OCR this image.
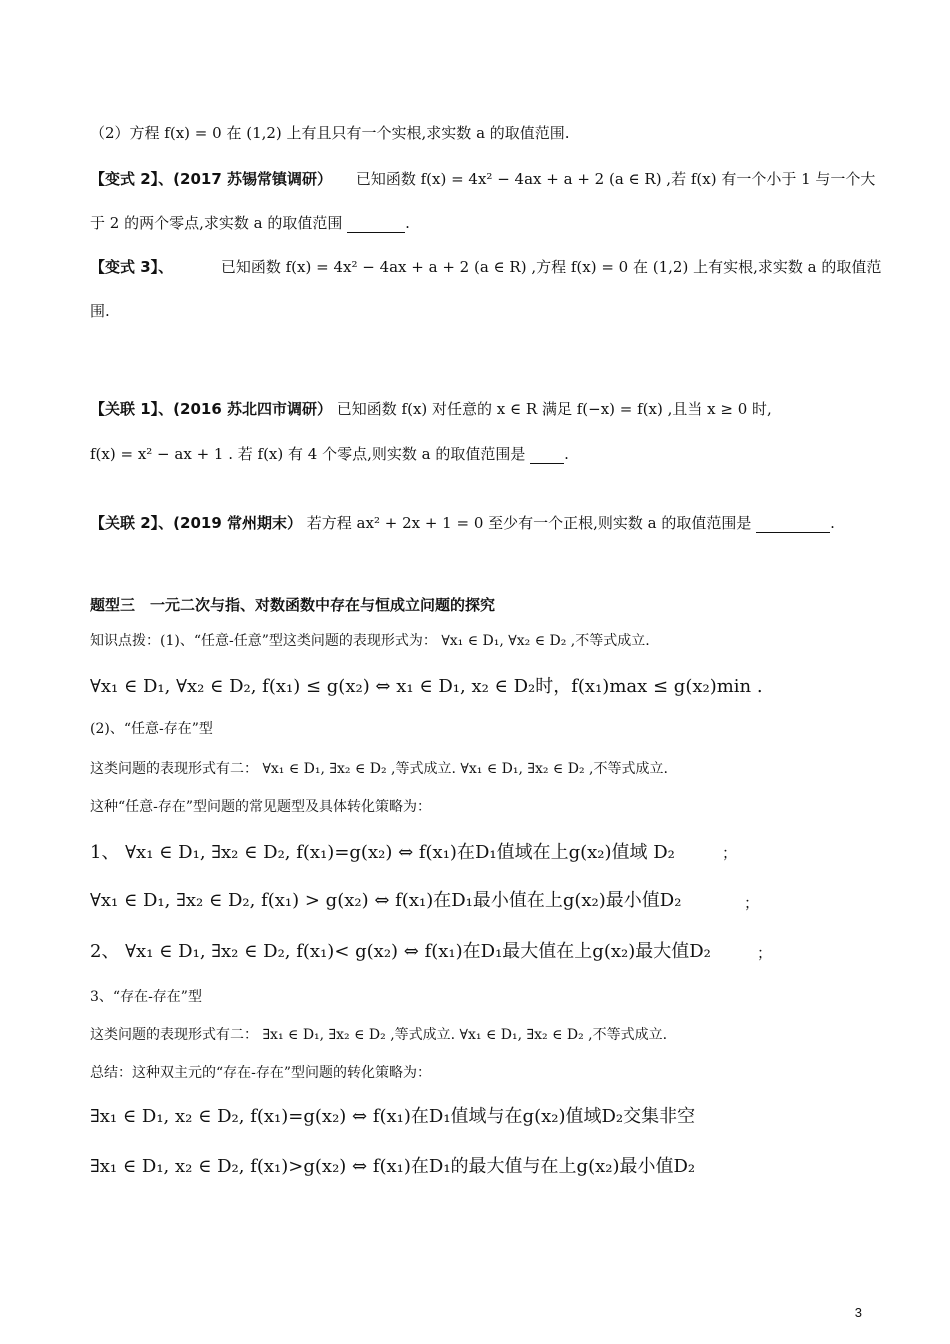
（2）方程 f(x) = 0 在 (1,2) 上有且只有一个实根,求实数 a 的取值范围.
【变式 2】、(2017 苏锡常镇调研） 已知函数 f(x) = 4x² − 4ax + a + 2 (a ∈ R) ,若 f(x) 有一个小于 1 与一个大
于 2 的两个零点,求实数 a 的取值范围	.
【变式 3】、	已知函数 f(x) = 4x² − 4ax + a + 2 (a ∈ R) ,方程 f(x) = 0 在 (1,2) 上有实根,求实数 a 的取值范
围.
【关联 1】、(2016 苏北四市调研） 已知函数 f(x) 对任意的 x ∈ R 满足 f(−x) = f(x) ,且当 x ≥ 0 时,
f(x) = x² − ax + 1 . 若 f(x) 有 4 个零点,则实数 a 的取值范围是	.
【关联 2】、(2019 常州期末） 若方程 ax² + 2x + 1 = 0 至少有一个正根,则实数 a 的取值范围是	.
题型三　一元二次与指、对数函数中存在与恒成立问题的探究
知识点拨：(1)、“任意-任意”型这类问题的表现形式为： ∀x₁ ∈ D₁, ∀x₂ ∈ D₂ ,不等式成立.
∀x₁ ∈ D₁, ∀x₂ ∈ D₂, f(x₁) ≤ g(x₂) ⇔ x₁ ∈ D₁, x₂ ∈ D₂时，f(x₁)max ≤ g(x₂)min .
(2)、“任意-存在”型
这类问题的表现形式有二： ∀x₁ ∈ D₁, ∃x₂ ∈ D₂ ,等式成立. ∀x₁ ∈ D₁, ∃x₂ ∈ D₂ ,不等式成立.
这种“任意-存在”型问题的常见题型及具体转化策略为：
1、 ∀x₁ ∈ D₁, ∃x₂ ∈ D₂, f(x₁)=g(x₂) ⇔ f(x₁)在D₁值域在上g(x₂)值域 D₂	；
∀x₁ ∈ D₁, ∃x₂ ∈ D₂, f(x₁) > g(x₂) ⇔ f(x₁)在D₁最小值在上g(x₂)最小值D₂	；
2、 ∀x₁ ∈ D₁, ∃x₂ ∈ D₂, f(x₁)< g(x₂) ⇔ f(x₁)在D₁最大值在上g(x₂)最大值D₂	；
3、“存在-存在”型
这类问题的表现形式有二： ∃x₁ ∈ D₁, ∃x₂ ∈ D₂ ,等式成立. ∀x₁ ∈ D₁, ∃x₂ ∈ D₂ ,不等式成立.
总结：这种双主元的“存在-存在”型问题的转化策略为：
∃x₁ ∈ D₁, x₂ ∈ D₂, f(x₁)=g(x₂) ⇔ f(x₁)在D₁值域与在g(x₂)值域D₂交集非空
∃x₁ ∈ D₁, x₂ ∈ D₂, f(x₁)>g(x₂) ⇔ f(x₁)在D₁的最大值与在上g(x₂)最小值D₂
3
